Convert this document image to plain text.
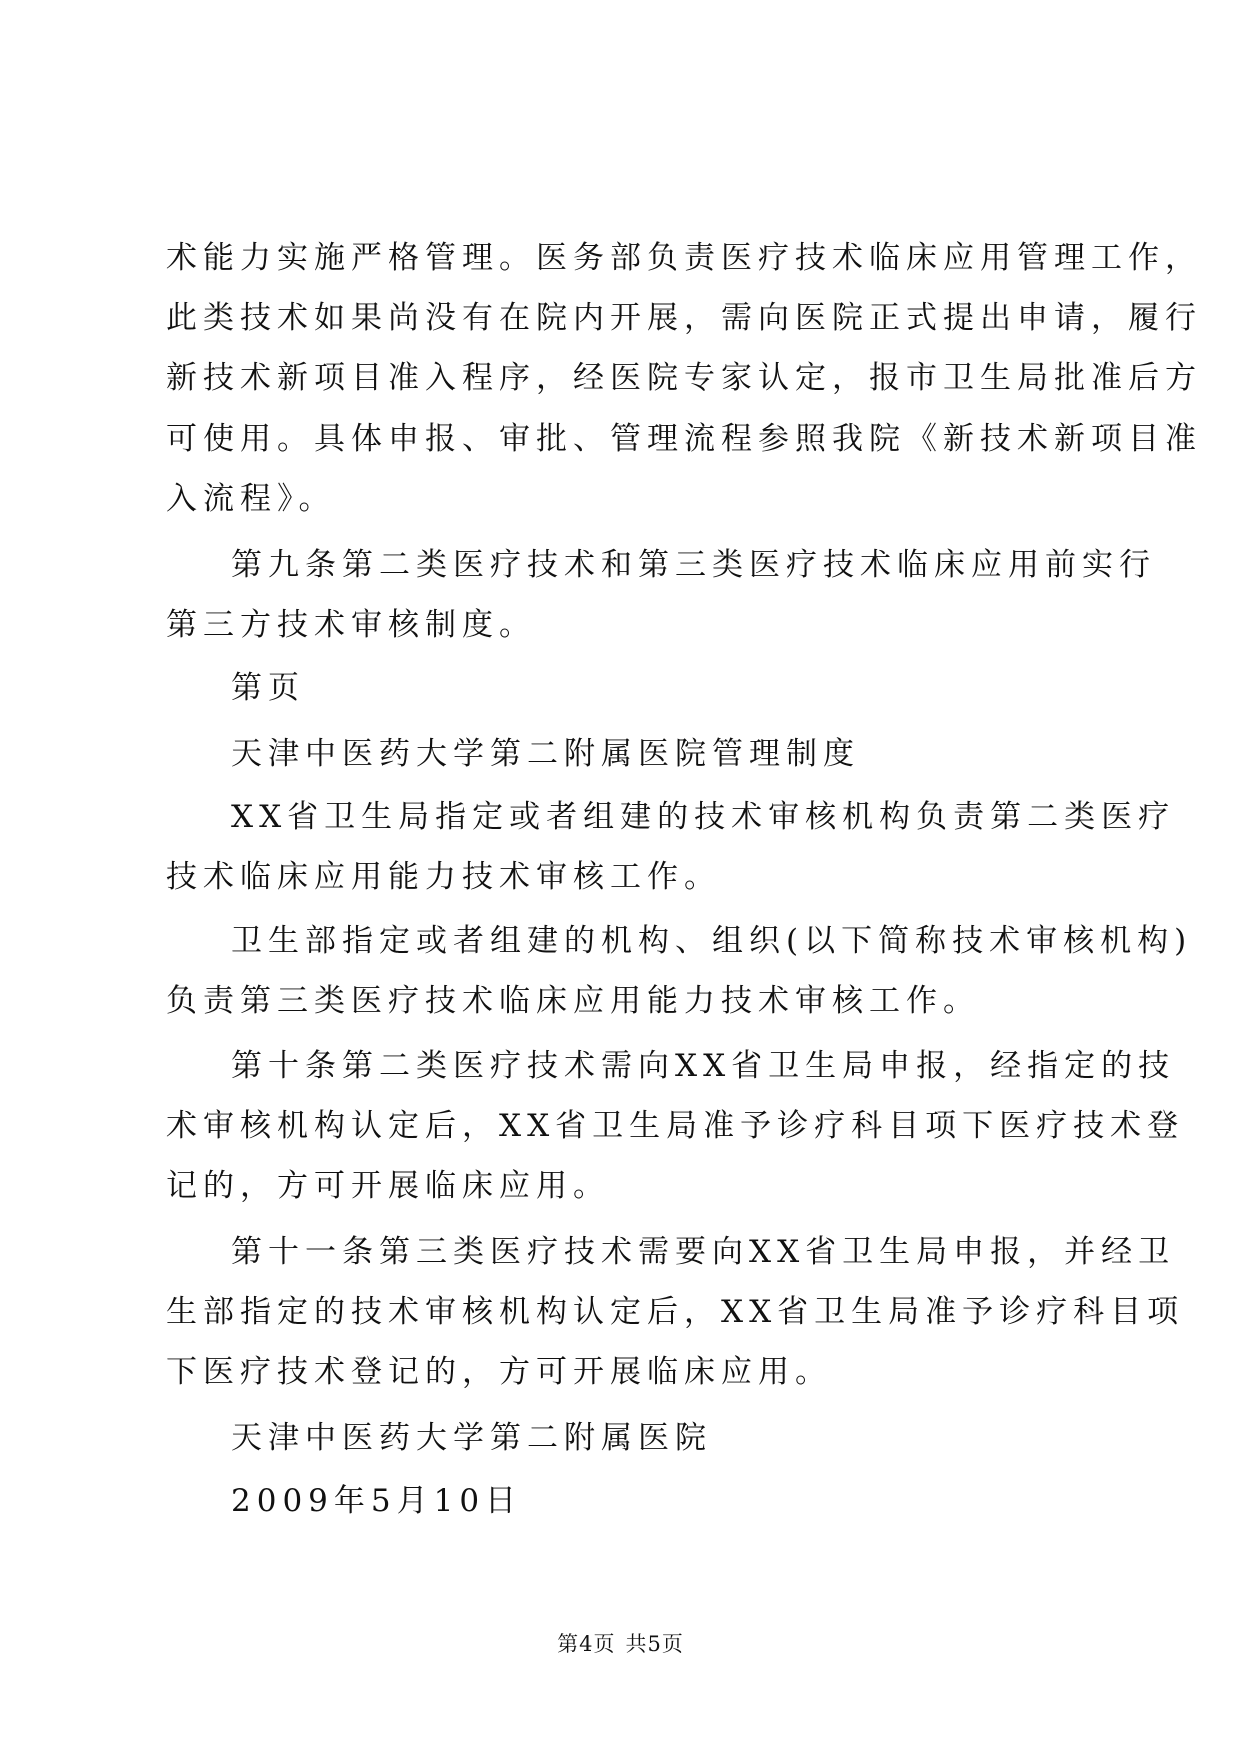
术能力实施严格管理。医务部负责医疗技术临床应用管理工作，
此类技术如果尚没有在院内开展，需向医院正式提出申请，履行
新技术新项目准入程序，经医院专家认定，报市卫生局批准后方
可使用。具体申报、审批、管理流程参照我院《新技术新项目准
入流程》。
第九条第二类医疗技术和第三类医疗技术临床应用前实行
第三方技术审核制度。
第页
天津中医药大学第二附属医院管理制度
XX省卫生局指定或者组建的技术审核机构负责第二类医疗
技术临床应用能力技术审核工作。
卫生部指定或者组建的机构、组织(以下简称技术审核机构)
负责第三类医疗技术临床应用能力技术审核工作。
第十条第二类医疗技术需向XX省卫生局申报，经指定的技
术审核机构认定后，XX省卫生局准予诊疗科目项下医疗技术登
记的，方可开展临床应用。
第十一条第三类医疗技术需要向XX省卫生局申报，并经卫
生部指定的技术审核机构认定后，XX省卫生局准予诊疗科目项
下医疗技术登记的，方可开展临床应用。
天津中医药大学第二附属医院
2009年5月10日
第4页 共5页
